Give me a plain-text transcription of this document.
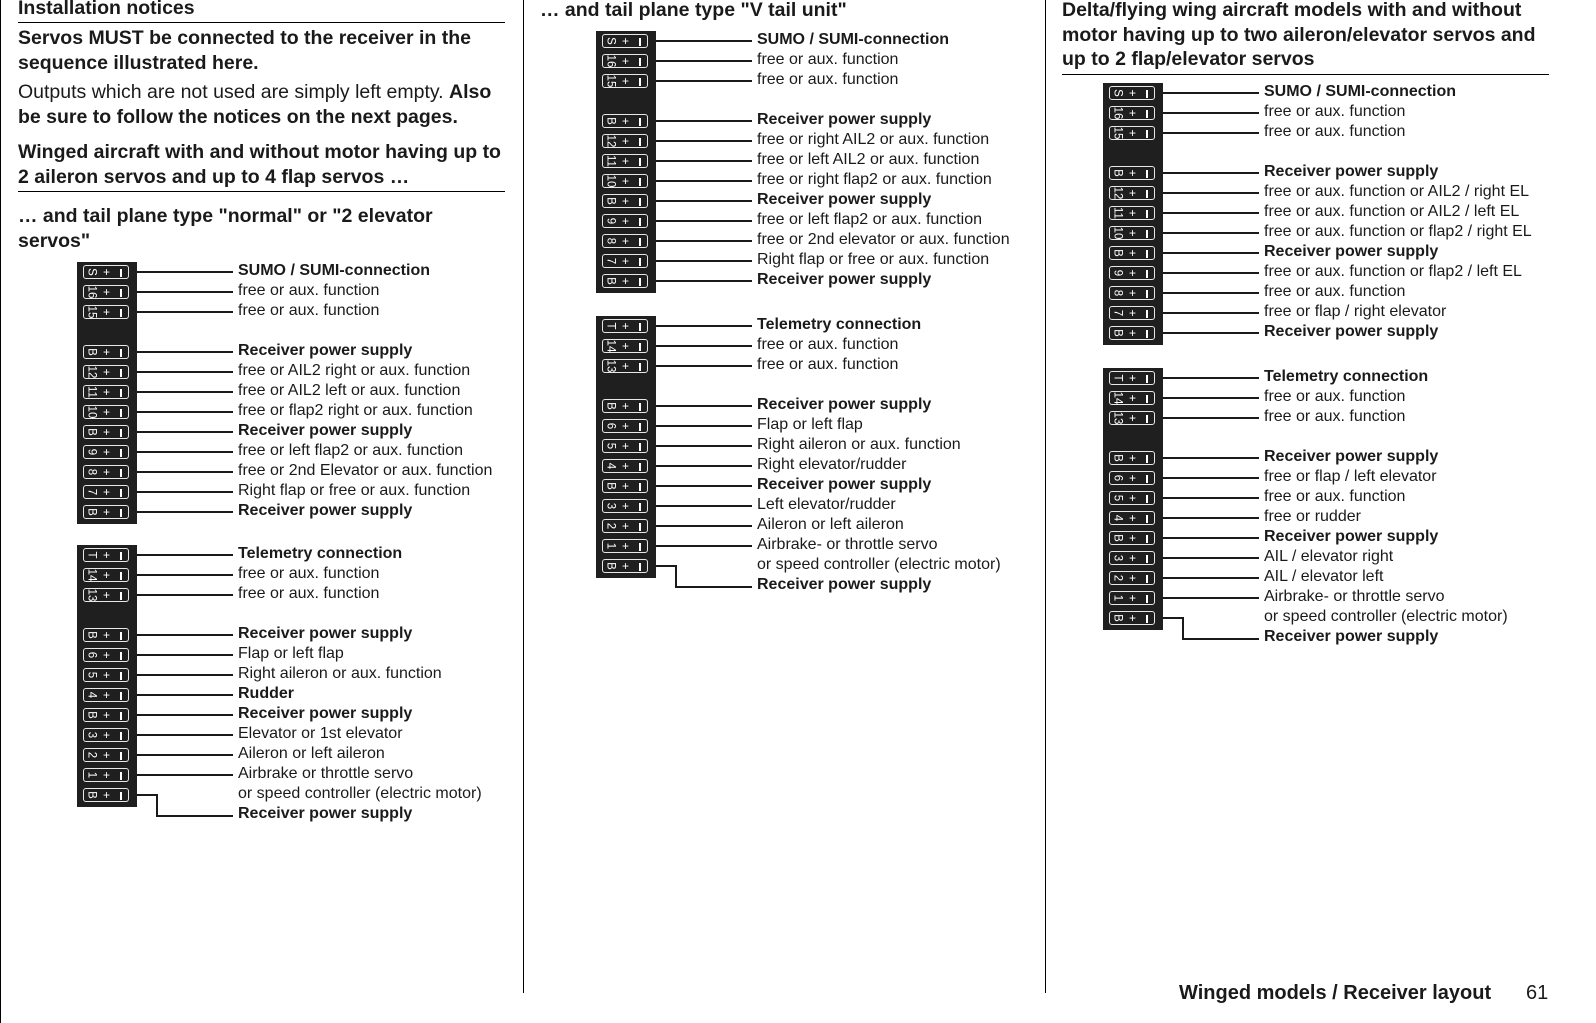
Installation notices
Servos MUST be connected to the receiver in the sequence illustrated here.
Outputs which are not used are simply left empty. Also be sure to follow the notices on the next pages.
Winged aircraft with and without motor having up to 2 aileron servos and up to 4 flap servos …
… and tail plane type "normal" or "2 elevator servos"
… and tail plane type "V tail unit"	Delta/flying wing aircraft models with and without motor having up to two aileron/elevator servos and up to 2 flap/elevator servos
S +
16 +
15 +
B +
12 +
11 +
10 +
B +
9 +
8 +
7 +
B +
SUMO / SUMI-connection
free or aux. function
free or aux. function
Receiver power supply
free or AIL2 right or aux. function
free or AIL2 left or aux. function
free or flap2 right or aux. function
Receiver power supply
free or left flap2 or aux. function
free or 2nd Elevator or aux. function
Right flap or free or aux. function
Receiver power supply
T +
14 +
13 +
B +
6 +
5 +
4 +
B +
3 +
2 +
1 +
B +
Telemetry connection
free or aux. function
free or aux. function
Receiver power supply
Flap or left flap
Right aileron or aux. function
Rudder
Receiver power supply
Elevator or 1st elevator
Aileron or left aileron
Airbrake or throttle servo
or speed controller (electric motor)
Receiver power supply
S +
16 +
15 +
B +
12 +
11 +
10 +
B +
9 +
8 +
7 +
B +
SUMO / SUMI-connection
free or aux. function
free or aux. function
Receiver power supply
free or right AIL2 or aux. function
free or left AIL2 or aux. function
free or right flap2 or aux. function
Receiver power supply
free or left flap2 or aux. function
free or 2nd elevator or aux. function
Right flap or free or aux. function
Receiver power supply
T +
14 +
13 +
B +
6 +
5 +
4 +
B +
3 +
2 +
1 +
B +
Telemetry connection
free or aux. function
free or aux. function
Receiver power supply
Flap or left flap
Right aileron or aux. function
Right elevator/rudder
Receiver power supply
Left elevator/rudder
Aileron or left aileron
Airbrake- or throttle servo
or speed controller (electric motor)
Receiver power supply
S +
16 +
15 +
B +
12 +
11 +
10 +
B +
9 +
8 +
7 +
B +
SUMO / SUMI-connection
free or aux. function
free or aux. function
Receiver power supply
free or aux. function or AIL2 / right EL
free or aux. function or AIL2 / left EL
free or aux. function or flap2 / right EL
Receiver power supply
free or aux. function or flap2 / left EL
free or aux. function
free or flap / right elevator
Receiver power supply
T +
14 +
13 +
B +
6 +
5 +
4 +
B +
3 +
2 +
1 +
B +
Telemetry connection
free or aux. function
free or aux. function
Receiver power supply
free or flap / left elevator
free or aux. function
free or rudder
Receiver power supply
AIL / elevator right
AIL / elevator left
Airbrake- or throttle servo
or speed controller (electric motor)
Receiver power supply
Winged models / Receiver layout 61
